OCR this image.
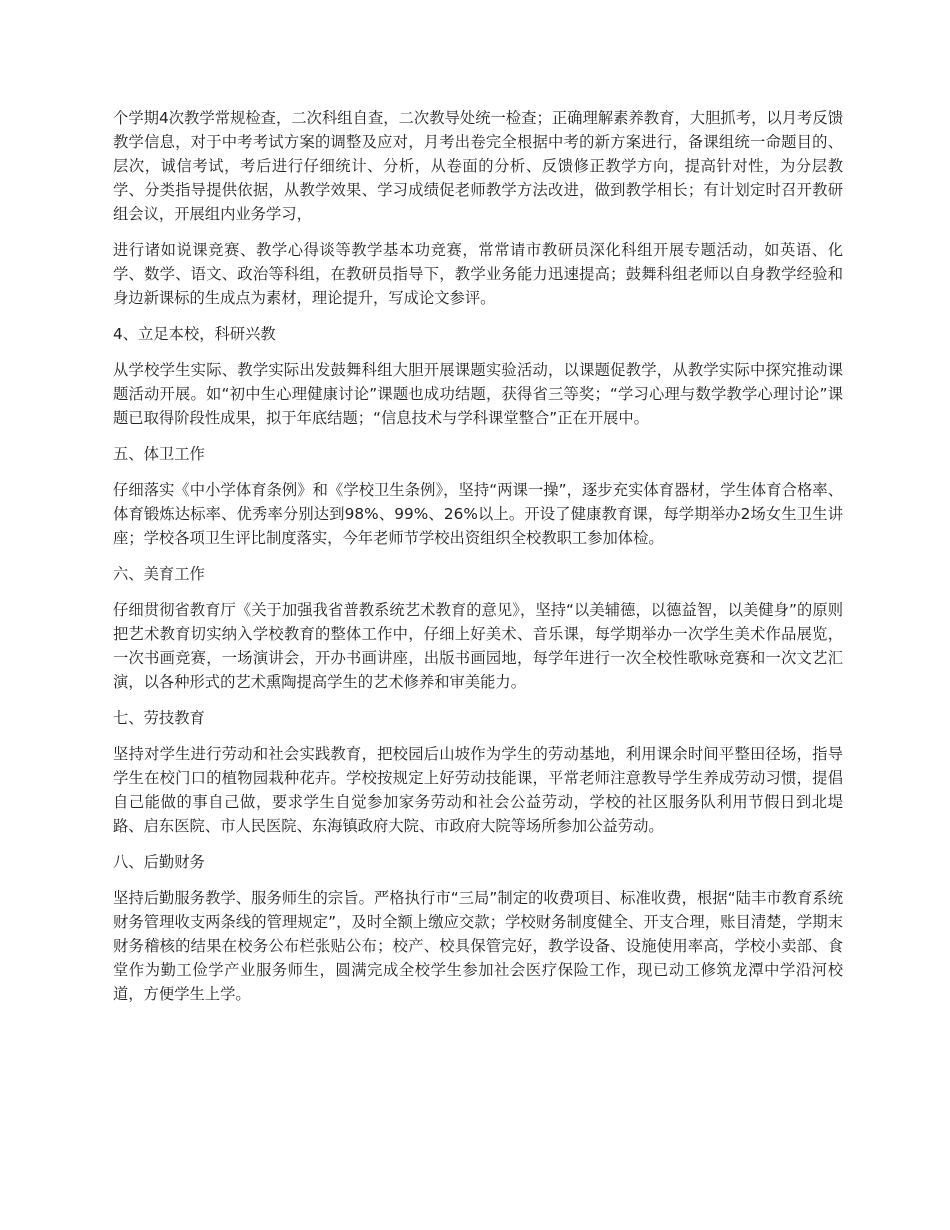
个学期4次教学常规检查，二次科组自查，二次教导处统一检查；正确理解素养教育，大胆抓考，以月考反馈教学信息，对于中考考试方案的调整及应对，月考出卷完全根据中考的新方案进行，备课组统一命题目的、层次，诚信考试，考后进行仔细统计、分析，从卷面的分析、反馈修正教学方向，提高针对性，为分层教学、分类指导提供依据，从教学效果、学习成绩促老师教学方法改进，做到教学相长；有计划定时召开教研组会议，开展组内业务学习，

进行诸如说课竞赛、教学心得谈等教学基本功竞赛，常常请市教研员深化科组开展专题活动，如英语、化学、数学、语文、政治等科组，在教研员指导下，教学业务能力迅速提高；鼓舞科组老师以自身教学经验和身边新课标的生成点为素材，理论提升，写成论文参评。

4、立足本校，科研兴教

从学校学生实际、教学实际出发鼓舞科组大胆开展课题实验活动，以课题促教学，从教学实际中探究推动课题活动开展。如“初中生心理健康讨论”课题也成功结题，获得省三等奖；“学习心理与数学教学心理讨论”课题已取得阶段性成果，拟于年底结题；“信息技术与学科课堂整合”正在开展中。

五、体卫工作

仔细落实《中小学体育条例》和《学校卫生条例》，坚持“两课一操”，逐步充实体育器材，学生体育合格率、体育锻炼达标率、优秀率分别达到98%、99%、26%以上。开设了健康教育课，每学期举办2场女生卫生讲座；学校各项卫生评比制度落实，今年老师节学校出资组织全校教职工参加体检。

六、美育工作

仔细贯彻省教育厅《关于加强我省普教系统艺术教育的意见》，坚持“以美辅德，以德益智，以美健身”的原则把艺术教育切实纳入学校教育的整体工作中，仔细上好美术、音乐课，每学期举办一次学生美术作品展览，一次书画竞赛，一场演讲会，开办书画讲座，出版书画园地，每学年进行一次全校性歌咏竞赛和一次文艺汇演，以各种形式的艺术熏陶提高学生的艺术修养和审美能力。

七、劳技教育

坚持对学生进行劳动和社会实践教育，把校园后山坡作为学生的劳动基地，利用课余时间平整田径场，指导学生在校门口的植物园栽种花卉。学校按规定上好劳动技能课，平常老师注意教导学生养成劳动习惯，提倡自己能做的事自己做，要求学生自觉参加家务劳动和社会公益劳动，学校的社区服务队利用节假日到北堤路、启东医院、市人民医院、东海镇政府大院、市政府大院等场所参加公益劳动。

八、后勤财务

坚持后勤服务教学、服务师生的宗旨。严格执行市“三局”制定的收费项目、标准收费，根据“陆丰市教育系统财务管理收支两条线的管理规定”，及时全额上缴应交款；学校财务制度健全、开支合理，账目清楚，学期末财务稽核的结果在校务公布栏张贴公布；校产、校具保管完好，教学设备、设施使用率高，学校小卖部、食堂作为勤工俭学产业服务师生，圆满完成全校学生参加社会医疗保险工作，现已动工修筑龙潭中学沿河校道，方便学生上学。
